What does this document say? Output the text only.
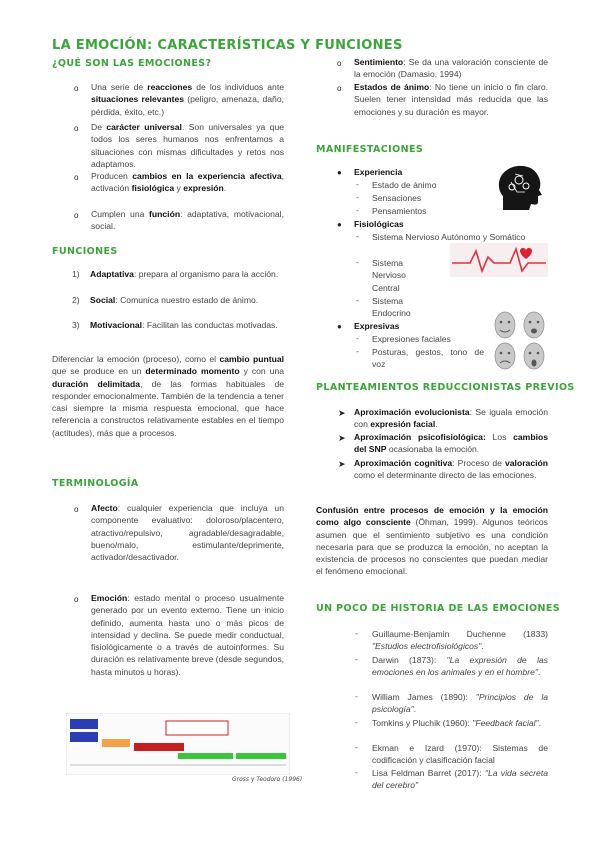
LA EMOCIÓN: CARACTERÍSTICAS Y FUNCIONES
¿QUÉ SON LAS EMOCIONES?
o Una serie de reacciones de los individuos ante situaciones relevantes (peligro, amenaza, daño, pérdida, éxito, etc.)
o De carácter universal. Son universales ya que todos los seres humanos nos enfrentamos a situaciones con mismas dificultades y retos nos adaptamos.
o Producen cambios en la experiencia afectiva, activación fisiológica y expresión.
o Cumplen una función: adaptativa, motivacional, social.
FUNCIONES
1)	Adaptativa: prepara al organismo para la acción.
2)	Social: Comunica nuestro estado de ánimo.
3)	Motivacional: Facilitan las conductas motivadas.
Diferenciar la emoción (proceso), como el cambio puntual que se produce en un determinado momento y con una duración delimitada, de las formas habituales de responder emocionalmente. También de la tendencia a tener casi siempre la misma respuesta emocional, que hace referencia a constructos relativamente estables en el tiempo (actitudes), más que a procesos.
TERMINOLOGÍA
o Afecto: cualquier experiencia que incluya un componente evaluativo: doloroso/placentero, atractivo/repulsivo, agradable/desagradable, bueno/malo, estimulante/deprimente, activador/desactivador.
o Emoción: estado mental o proceso usualmente generado por un evento externo. Tiene un inicio definido, aumenta hasta uno o más picos de intensidad y declina. Se puede medir conductual, fisiológicamente o a través de autoinformes. Su duración es relativamente breve (desde segundos, hasta minutos u horas).
Gross y Teodoro (1996)
o Sentimiento: Se da una valoración consciente de la emoción (Damasio, 1994)
o Estados de ánimo: No tiene un inicio o fin claro. Suelen tener intensidad más reducida que las emociones y su duración es mayor.
MANIFESTACIONES
● Experiencia
- Estado de ánimo
- Sensaciones
- Pensamientos
● Fisiológicas
- Sistema Nervioso Autónomo y Somático
- Sistema Nervioso Central
- Sistema Endocrino
● Expresivas
- Expresiones faciales
- Posturas, gestos, tono de voz
PLANTEAMIENTOS REDUCCIONISTAS PREVIOS
➤ Aproximación evolucionista: Se iguala emoción con expresión facial.
➤ Aproximación psicofisiológica: Los cambios del SNP ocasionaba la emoción.
➤ Aproximación cognitiva: Proceso de valoración como el determinante directo de las emociones.
Confusión entre procesos de emoción y la emoción como algo consciente (Öhman, 1999). Algunos teóricos asumen que el sentimiento subjetivo es una condición necesaria para que se produzca la emoción, no aceptan la existencia de procesos no conscientes que puedan mediar el fenómeno emocional.
UN POCO DE HISTORIA DE LAS EMOCIONES
- Guillaume-Benjamin Duchenne (1833) "Estudios electrofisiológicos".
- Darwin (1873): "La expresión de las emociones en los animales y en el hombre".
- William James (1890): "Principios de la psicología".
- Tomkins y Pluchik (1960): "Feedback facial".
- Ekman e Izard (1970): Sistemas de codificación y clasificación facial
- Lisa Feldman Barret (2017): "La vida secreta del cerebro"
